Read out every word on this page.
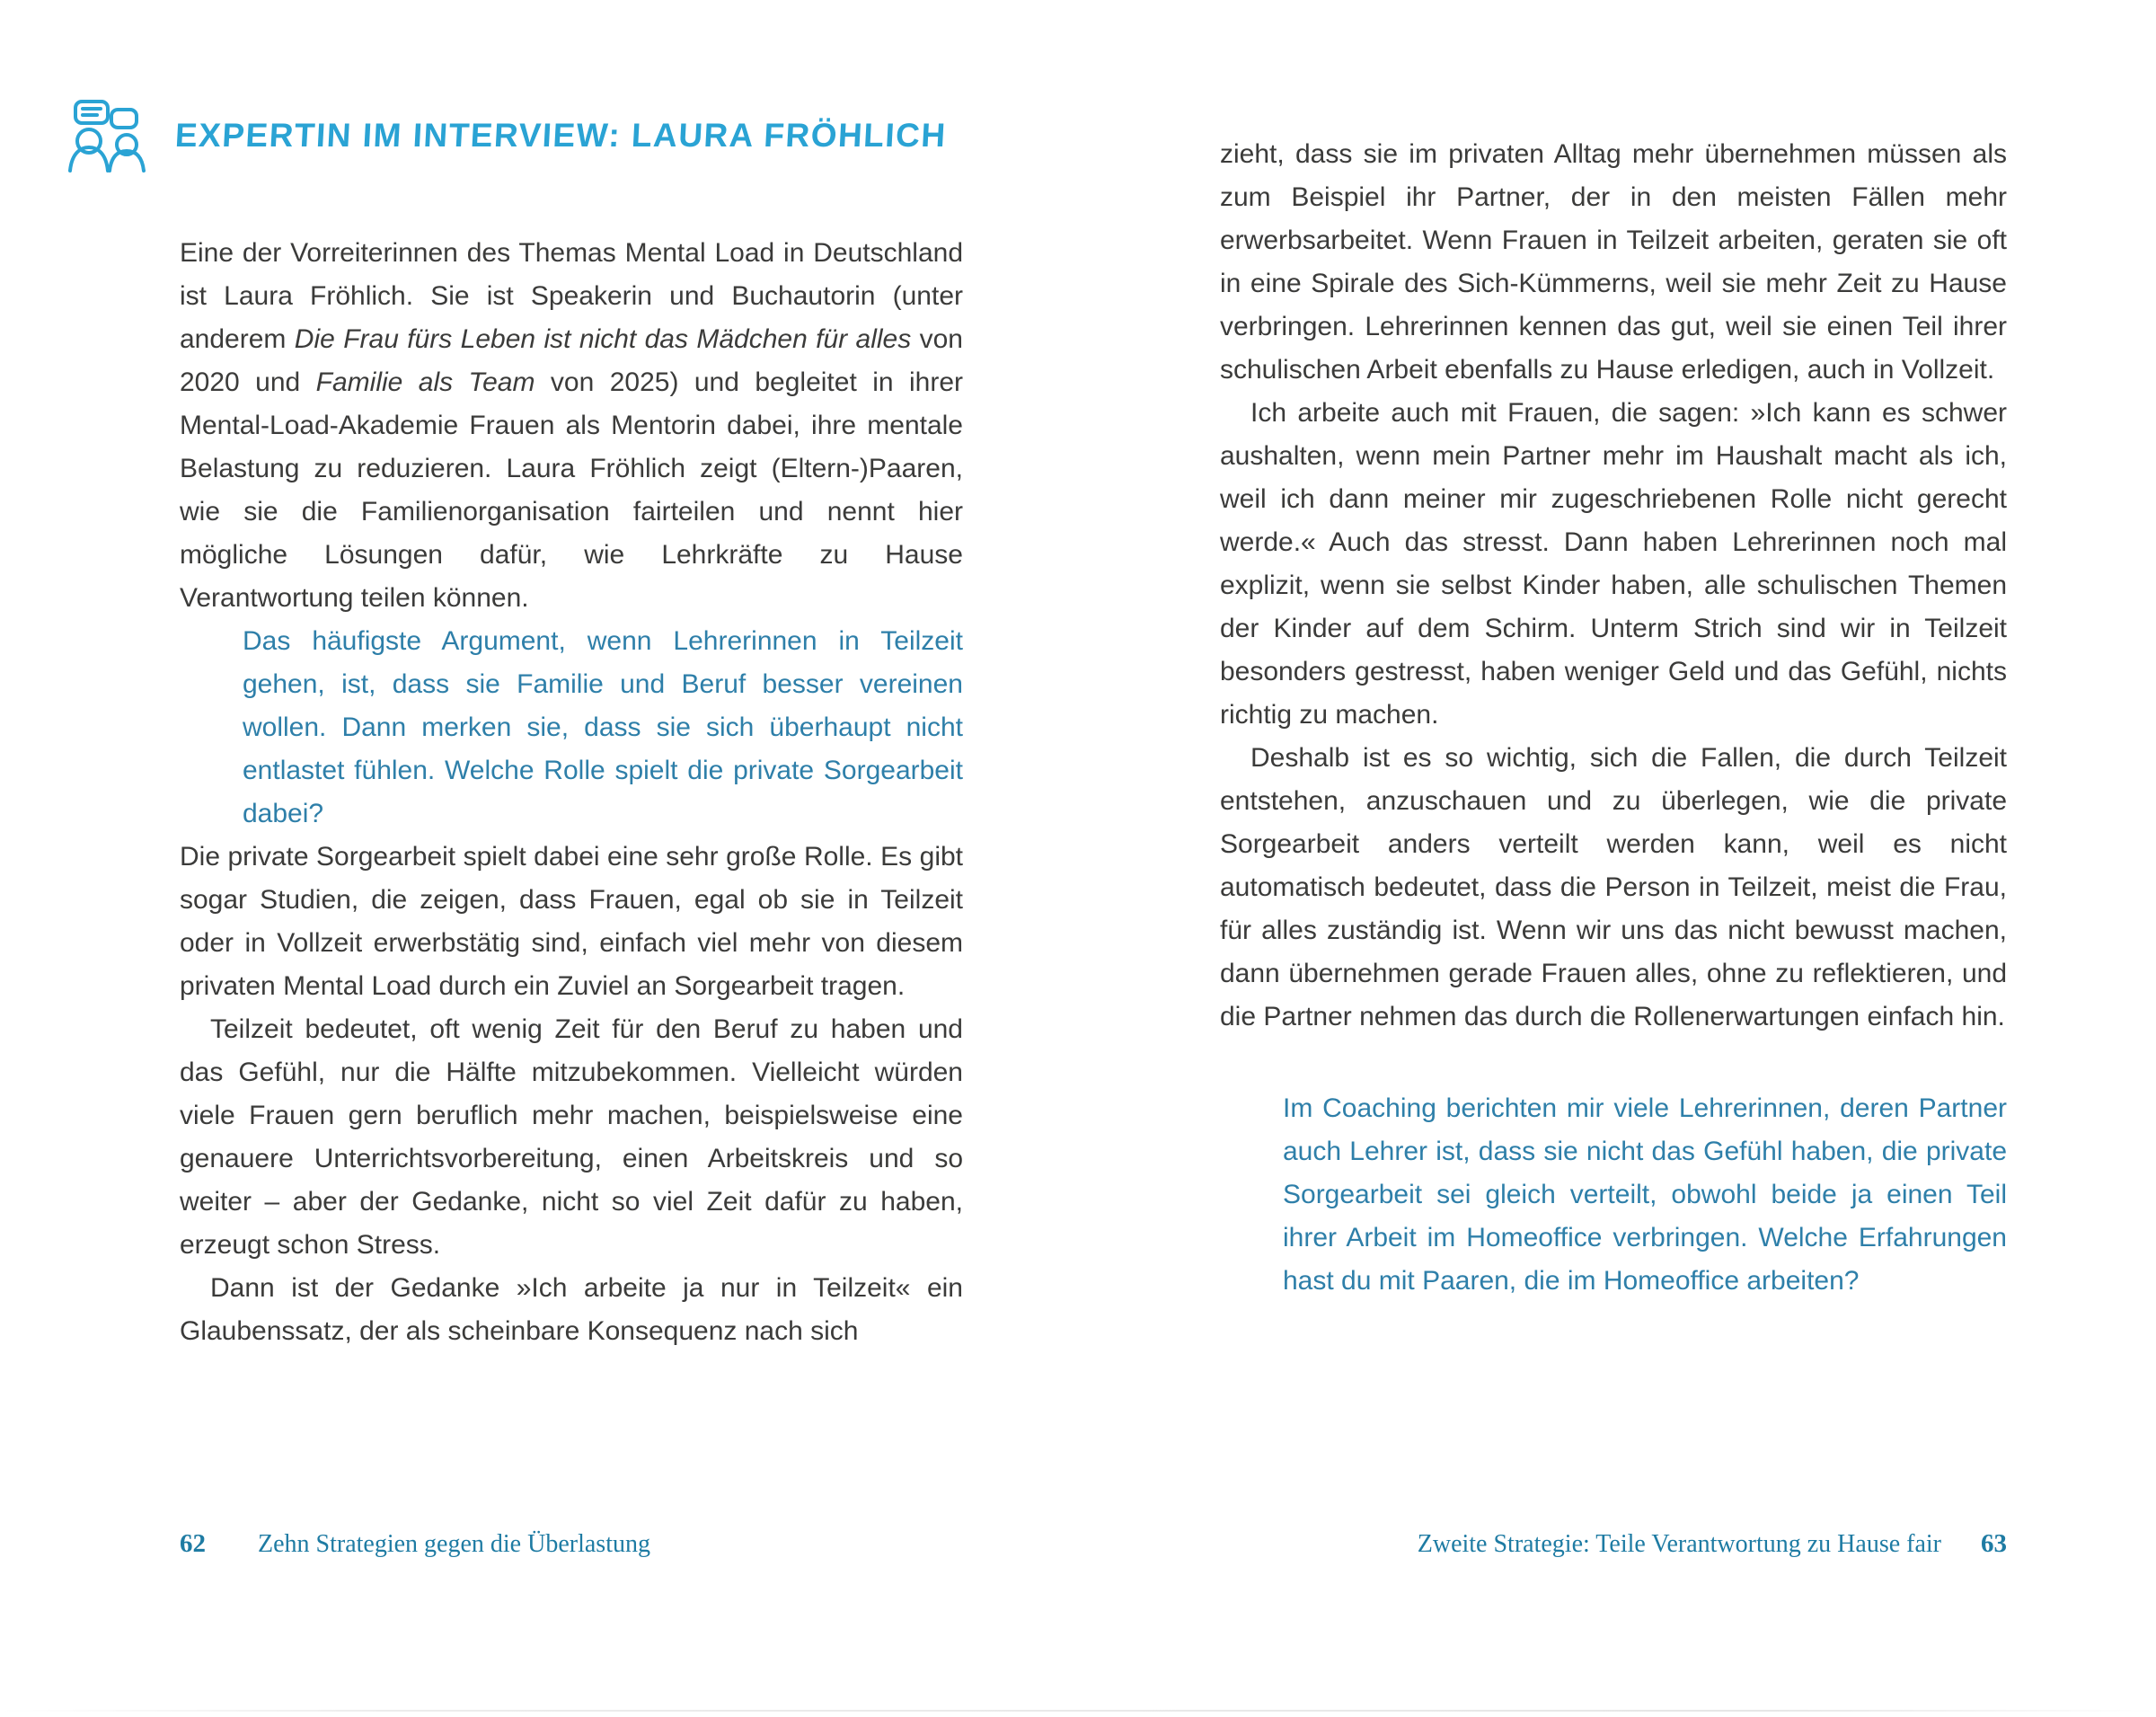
EXPERTIN IM INTERVIEW: LAURA FRÖHLICH

Eine der Vorreiterinnen des Themas Mental Load in Deutschland ist Laura Fröhlich. Sie ist Speakerin und Buchautorin (unter anderem Die Frau fürs Leben ist nicht das Mädchen für alles von 2020 und Familie als Team von 2025) und begleitet in ihrer Mental-Load-Akademie Frauen als Mentorin dabei, ihre mentale Belastung zu reduzieren. Laura Fröhlich zeigt (Eltern-)Paaren, wie sie die Familienorganisation fairteilen und nennt hier mögliche Lösungen dafür, wie Lehrkräfte zu Hause Verantwortung teilen können.

Das häufigste Argument, wenn Lehrerinnen in Teilzeit gehen, ist, dass sie Familie und Beruf besser vereinen wollen. Dann merken sie, dass sie sich überhaupt nicht entlastet fühlen. Welche Rolle spielt die private Sorgearbeit dabei?

Die private Sorgearbeit spielt dabei eine sehr große Rolle. Es gibt sogar Studien, die zeigen, dass Frauen, egal ob sie in Teilzeit oder in Vollzeit erwerbstätig sind, einfach viel mehr von diesem privaten Mental Load durch ein Zuviel an Sorgearbeit tragen.

Teilzeit bedeutet, oft wenig Zeit für den Beruf zu haben und das Gefühl, nur die Hälfte mitzubekommen. Vielleicht würden viele Frauen gern beruflich mehr machen, beispielsweise eine genauere Unterrichtsvorbereitung, einen Arbeitskreis und so weiter – aber der Gedanke, nicht so viel Zeit dafür zu haben, erzeugt schon Stress.

Dann ist der Gedanke »Ich arbeite ja nur in Teilzeit« ein Glaubenssatz, der als scheinbare Konsequenz nach sich

zieht, dass sie im privaten Alltag mehr übernehmen müssen als zum Beispiel ihr Partner, der in den meisten Fällen mehr erwerbsarbeitet. Wenn Frauen in Teilzeit arbeiten, geraten sie oft in eine Spirale des Sich-Kümmerns, weil sie mehr Zeit zu Hause verbringen. Lehrerinnen kennen das gut, weil sie einen Teil ihrer schulischen Arbeit ebenfalls zu Hause erledigen, auch in Vollzeit.

Ich arbeite auch mit Frauen, die sagen: »Ich kann es schwer aushalten, wenn mein Partner mehr im Haushalt macht als ich, weil ich dann meiner mir zugeschriebenen Rolle nicht gerecht werde.« Auch das stresst. Dann haben Lehrerinnen noch mal explizit, wenn sie selbst Kinder haben, alle schulischen Themen der Kinder auf dem Schirm. Unterm Strich sind wir in Teilzeit besonders gestresst, haben weniger Geld und das Gefühl, nichts richtig zu machen.

Deshalb ist es so wichtig, sich die Fallen, die durch Teilzeit entstehen, anzuschauen und zu überlegen, wie die private Sorgearbeit anders verteilt werden kann, weil es nicht automatisch bedeutet, dass die Person in Teilzeit, meist die Frau, für alles zuständig ist. Wenn wir uns das nicht bewusst machen, dann übernehmen gerade Frauen alles, ohne zu reflektieren, und die Partner nehmen das durch die Rollenerwartungen einfach hin.

Im Coaching berichten mir viele Lehrerinnen, deren Partner auch Lehrer ist, dass sie nicht das Gefühl haben, die private Sorgearbeit sei gleich verteilt, obwohl beide ja einen Teil ihrer Arbeit im Homeoffice verbringen. Welche Erfahrungen hast du mit Paaren, die im Homeoffice arbeiten?

62 Zehn Strategien gegen die Überlastung	Zweite Strategie: Teile Verantwortung zu Hause fair 63
